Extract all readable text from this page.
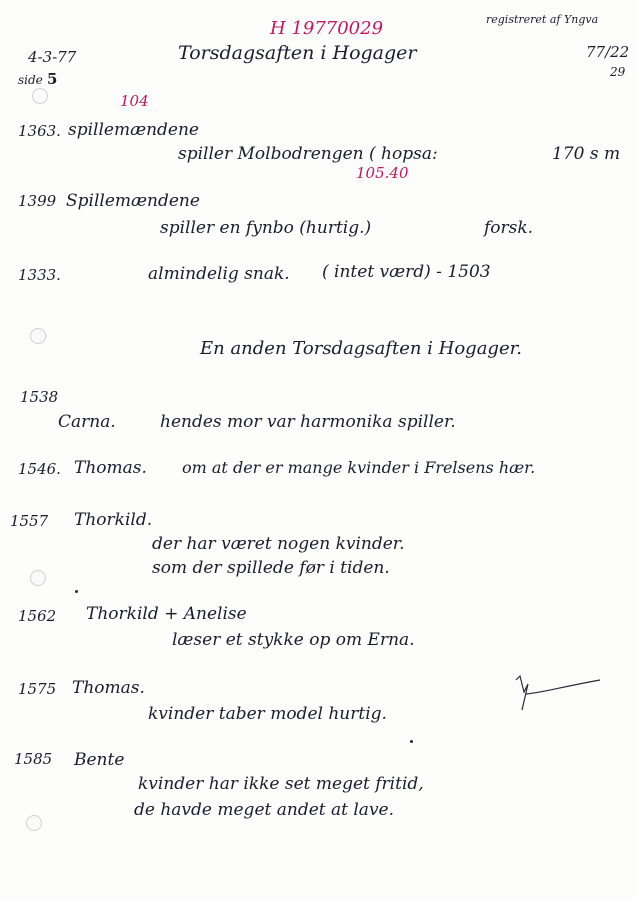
H 19770029	registreret af Yngva
4-3-77
side 5
Torsdagsaften i Hogager	77/22
29
104
1363. spillemændene
spiller Molbodrengen ( hopsa:	170 s m
105.40
1399 Spillemændene
spiller en fynbo (hurtig.)	forsk.
1333.	almindelig snak. ( intet værd) - 1503
En anden Torsdagsaften i Hogager.
1538
Carna.	hendes mor var harmonika spiller.
1546. Thomas. om at der er mange kvinder i Frelsens hær.
1557 Thorkild.
der har været nogen kvinder.
som der spillede før i tiden.
1562 Thorkild + Anelise
læser et stykke op om Erna.
1575 Thomas.
kvinder taber model hurtig.
1585 Bente
kvinder har ikke set meget fritid,
de havde meget andet at lave.
